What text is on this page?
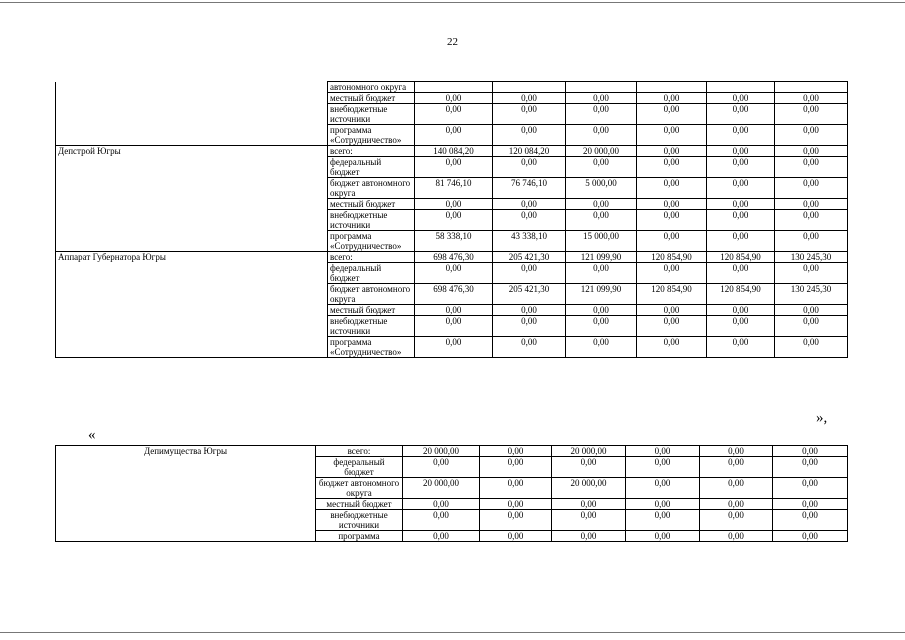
22
	автономного округа						
	местный бюджет	0,00	0,00	0,00	0,00	0,00	0,00
	внебюджетные источники	0,00	0,00	0,00	0,00	0,00	0,00
	программа «Сотрудничество»	0,00	0,00	0,00	0,00	0,00	0,00
Депстрой Югры	всего:	140 084,20	120 084,20	20 000,00	0,00	0,00	0,00
	федеральный бюджет	0,00	0,00	0,00	0,00	0,00	0,00
	бюджет автономного округа	81 746,10	76 746,10	5 000,00	0,00	0,00	0,00
	местный бюджет	0,00	0,00	0,00	0,00	0,00	0,00
	внебюджетные источники	0,00	0,00	0,00	0,00	0,00	0,00
	программа «Сотрудничество»	58 338,10	43 338,10	15 000,00	0,00	0,00	0,00
Аппарат Губернатора Югры	всего:	698 476,30	205 421,30	121 099,90	120 854,90	120 854,90	130 245,30
	федеральный бюджет	0,00	0,00	0,00	0,00	0,00	0,00
	бюджет автономного округа	698 476,30	205 421,30	121 099,90	120 854,90	120 854,90	130 245,30
	местный бюджет	0,00	0,00	0,00	0,00	0,00	0,00
	внебюджетные источники	0,00	0,00	0,00	0,00	0,00	0,00
	программа «Сотрудничество»	0,00	0,00	0,00	0,00	0,00	0,00
»,
«
Депимущества Югры	всего:	20 000,00	0,00	20 000,00	0,00	0,00	0,00
	федеральный бюджет	0,00	0,00	0,00	0,00	0,00	0,00
	бюджет автономного округа	20 000,00	0,00	20 000,00	0,00	0,00	0,00
	местный бюджет	0,00	0,00	0,00	0,00	0,00	0,00
	внебюджетные источники	0,00	0,00	0,00	0,00	0,00	0,00
	программа	0,00	0,00	0,00	0,00	0,00	0,00
